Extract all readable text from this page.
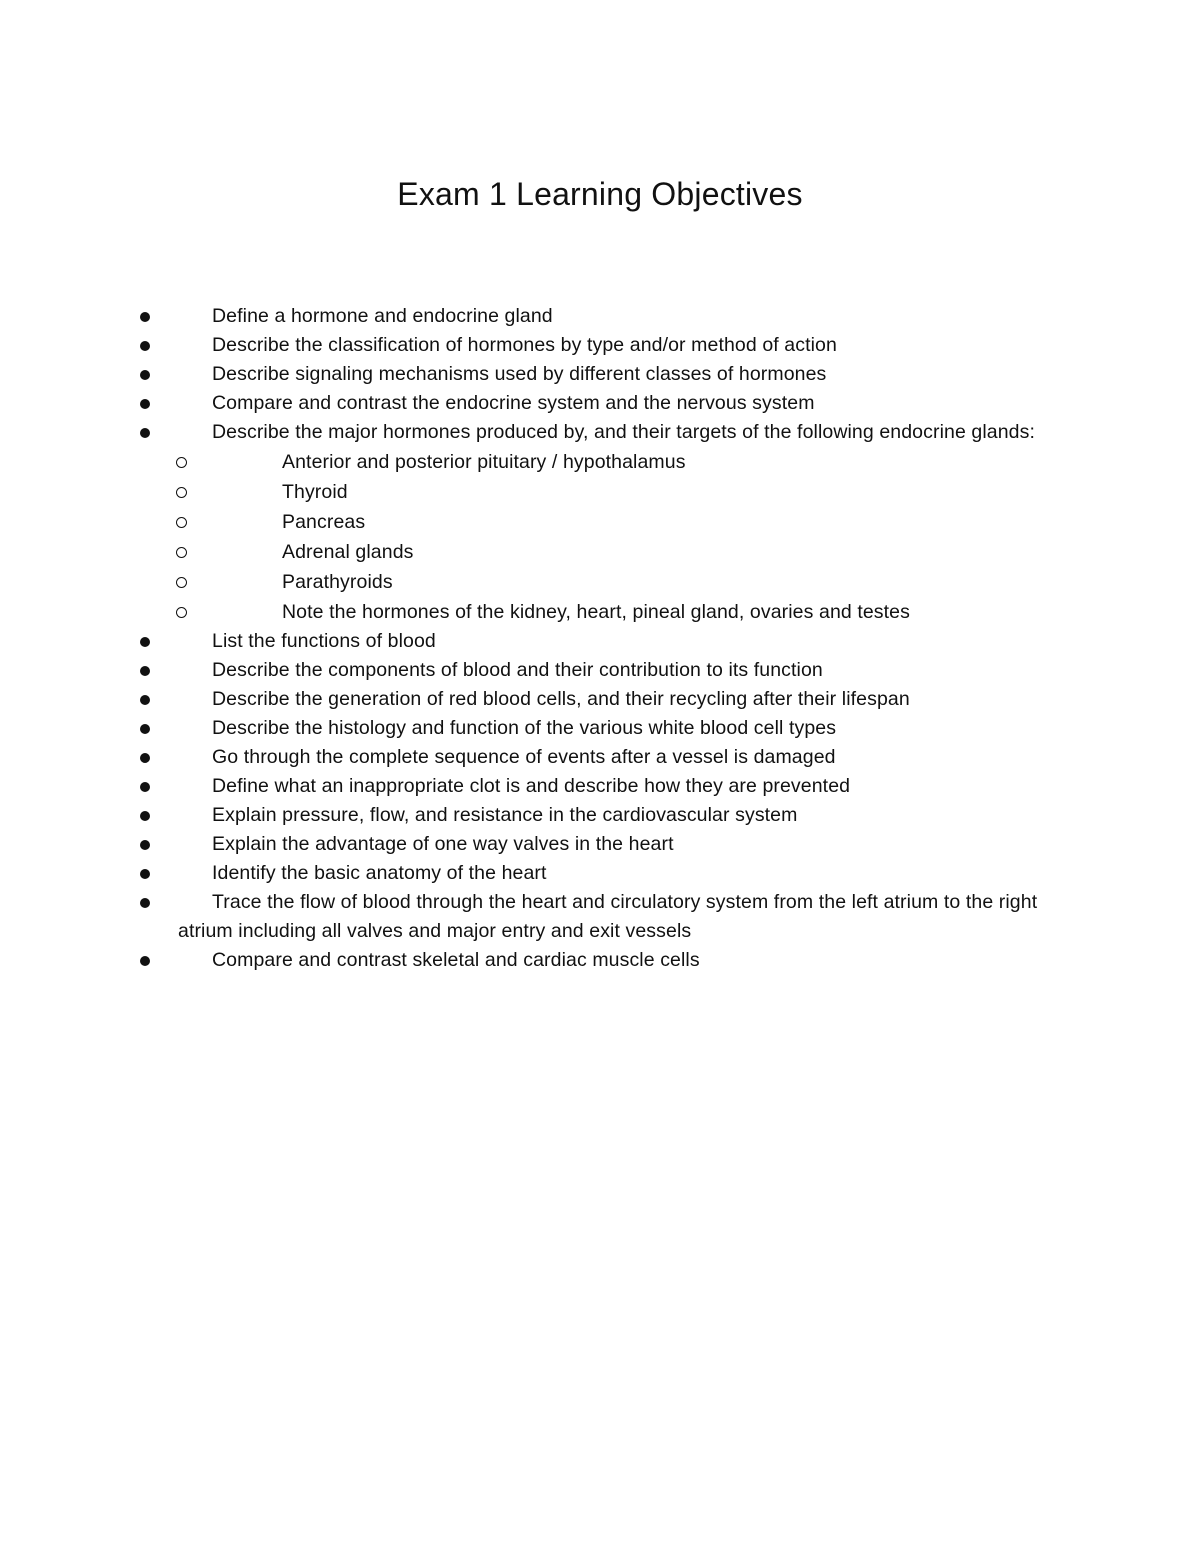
Exam 1 Learning Objectives
Define a hormone and endocrine gland
Describe the classification of hormones by type and/or method of action
Describe signaling mechanisms used by different classes of hormones
Compare and contrast the endocrine system and the nervous system
Describe the major hormones produced by, and their targets of the following endocrine glands:
Anterior and posterior pituitary / hypothalamus
Thyroid
Pancreas
Adrenal glands
Parathyroids
Note the hormones of the kidney, heart, pineal gland, ovaries and testes
List the functions of blood
Describe the components of blood and their contribution to its function
Describe the generation of red blood cells, and their recycling after their lifespan
Describe the histology and function of the various white blood cell types
Go through the complete sequence of events after a vessel is damaged
Define what an inappropriate clot is and describe how they are prevented
Explain pressure, flow, and resistance in the cardiovascular system
Explain the advantage of one way valves in the heart
Identify the basic anatomy of the heart
Trace the flow of blood through the heart and circulatory system from the left atrium to the right atrium including all valves and major entry and exit vessels
Compare and contrast skeletal and cardiac muscle cells
